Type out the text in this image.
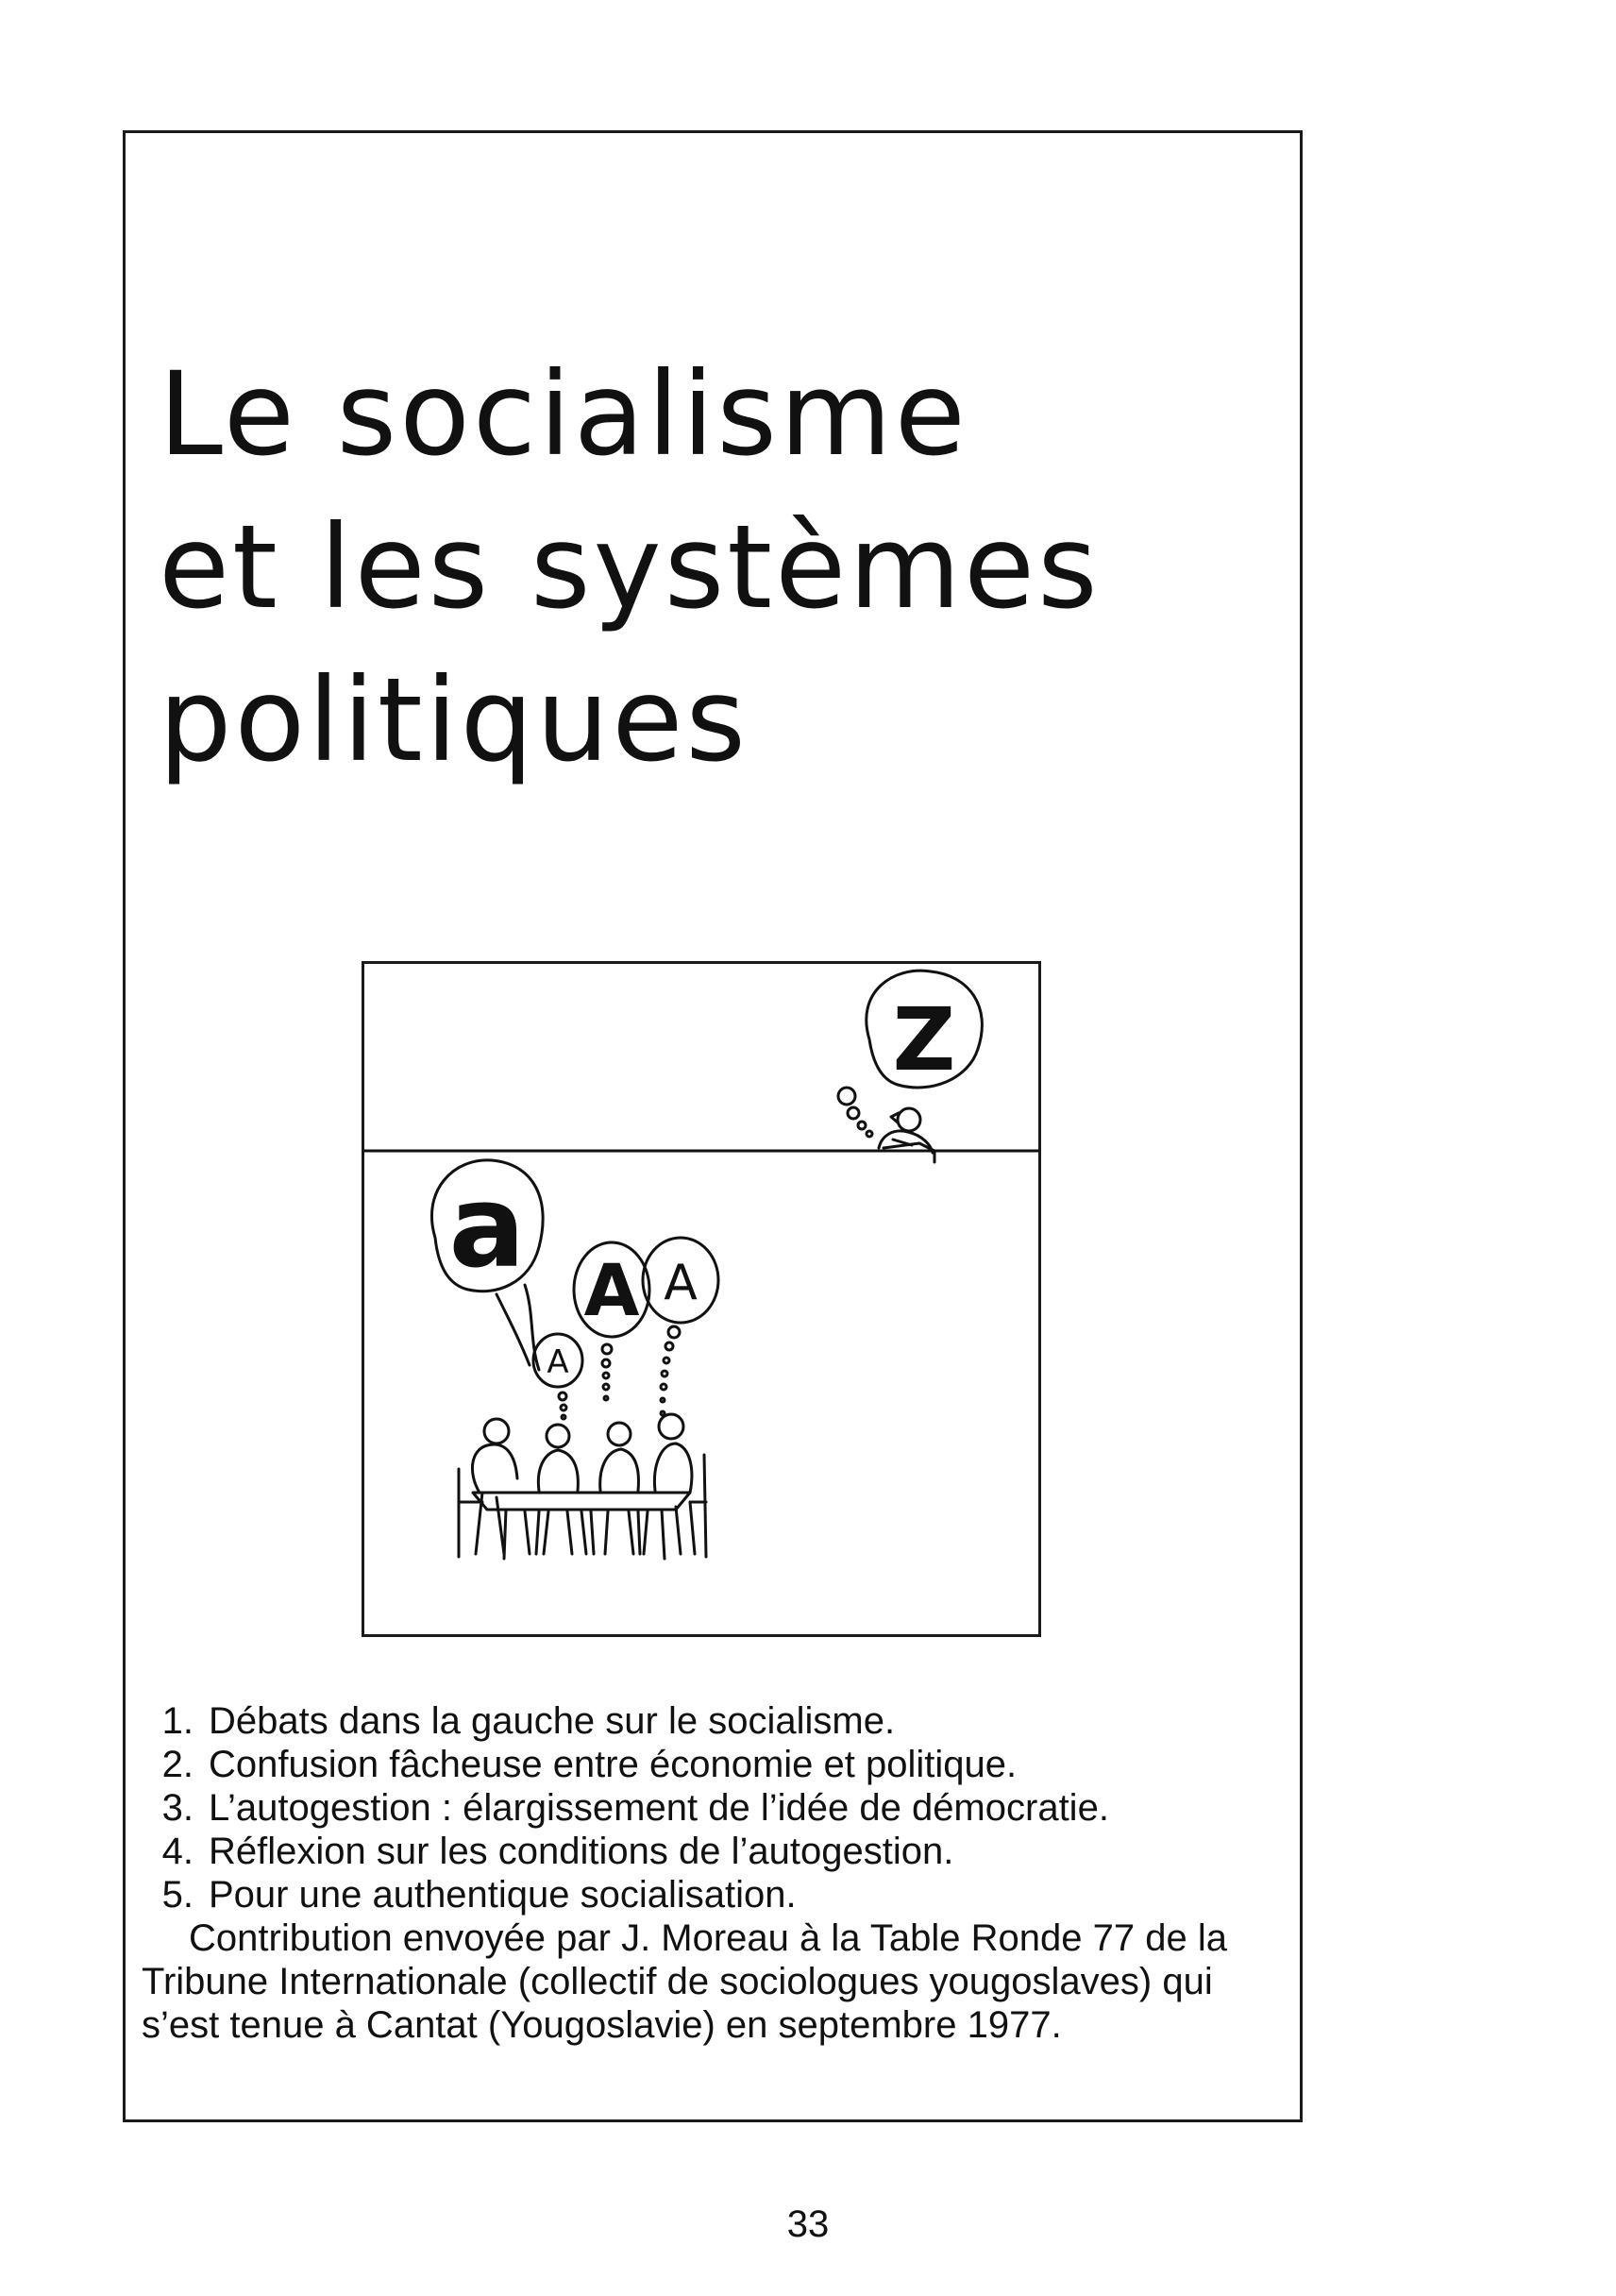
Le socialisme
et les systèmes
politiques
Z
a A A
A
1. Débats dans la gauche sur le socialisme.
2. Confusion fâcheuse entre économie et politique.
3. L’autogestion : élargissement de l’idée de démocratie.
4. Réflexion sur les conditions de l’autogestion.
5. Pour une authentique socialisation.

Contribution envoyée par J. Moreau à la Table Ronde 77 de la Tribune Internationale (collectif de sociologues yougoslaves) qui s’est tenue à Cantat (Yougoslavie) en septembre 1977.

33
